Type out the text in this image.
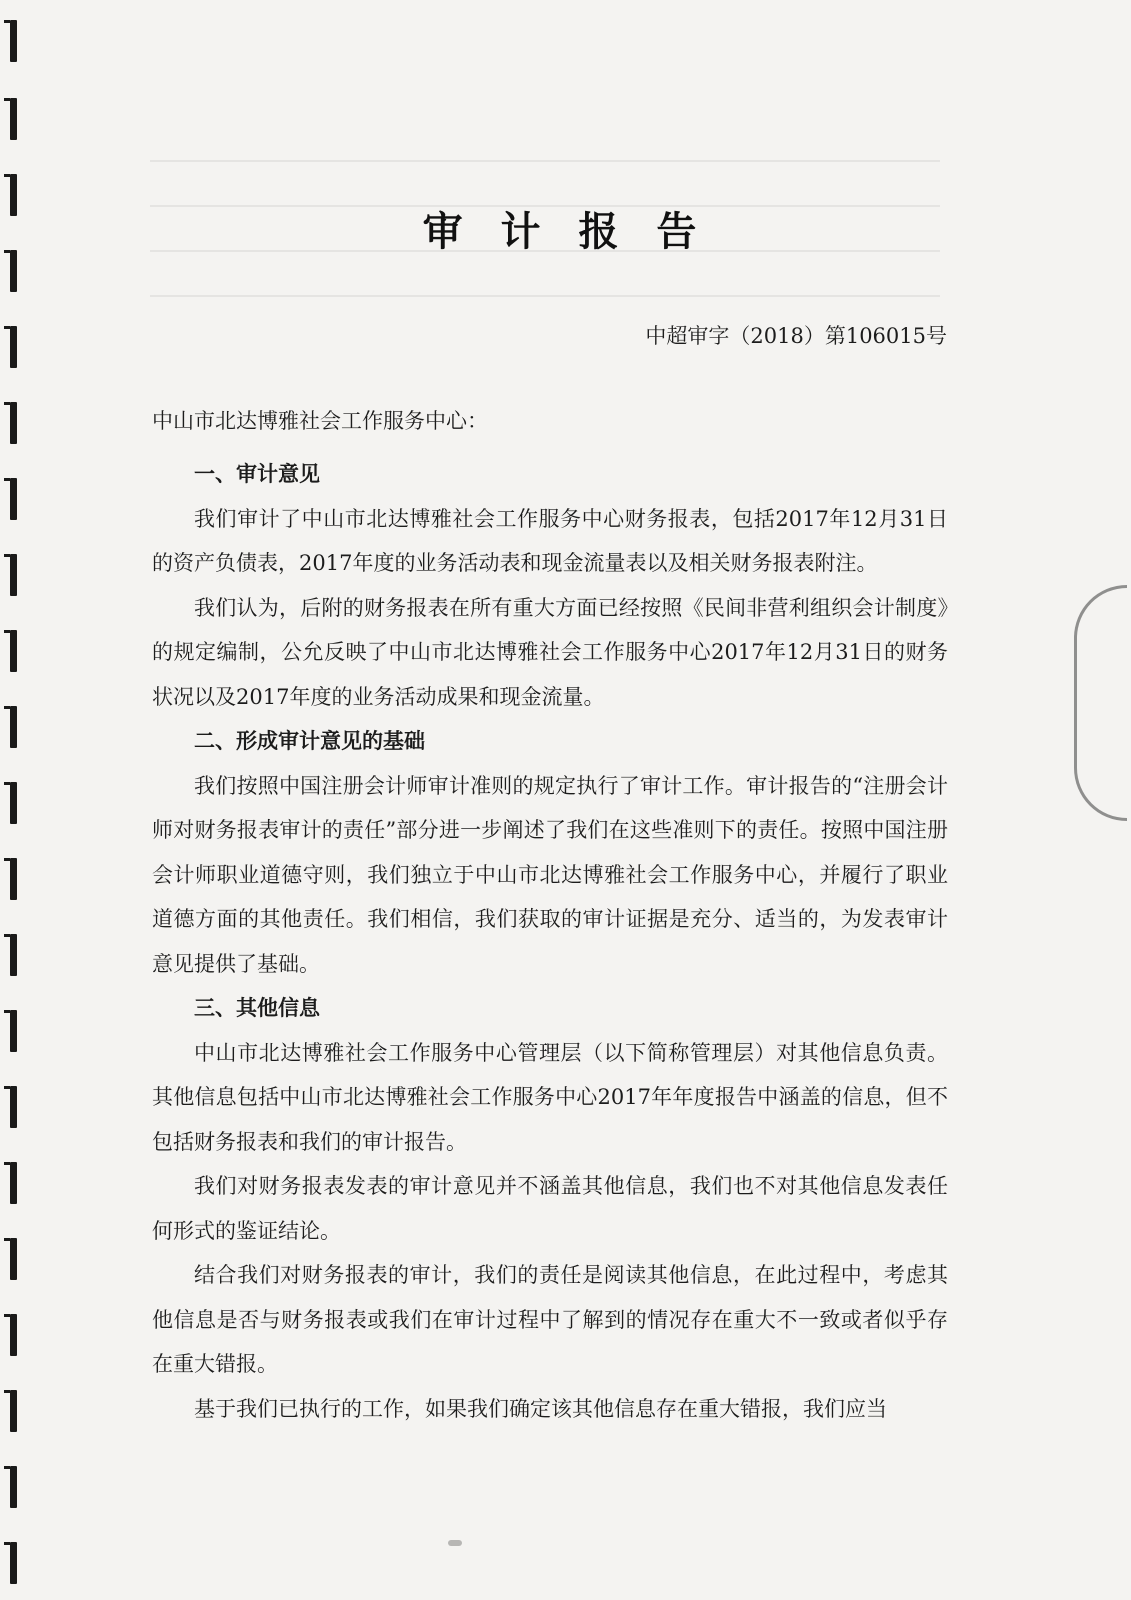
审 计 报 告
中超审字（2018）第106015号
中山市北达博雅社会工作服务中心：
一、审计意见

我们审计了中山市北达博雅社会工作服务中心财务报表，包括2017年12月31日的资产负债表，2017年度的业务活动表和现金流量表以及相关财务报表附注。

我们认为，后附的财务报表在所有重大方面已经按照《民间非营利组织会计制度》的规定编制，公允反映了中山市北达博雅社会工作服务中心2017年12月31日的财务状况以及2017年度的业务活动成果和现金流量。

二、形成审计意见的基础

我们按照中国注册会计师审计准则的规定执行了审计工作。审计报告的“注册会计师对财务报表审计的责任”部分进一步阐述了我们在这些准则下的责任。按照中国注册会计师职业道德守则，我们独立于中山市北达博雅社会工作服务中心，并履行了职业道德方面的其他责任。我们相信，我们获取的审计证据是充分、适当的，为发表审计意见提供了基础。

三、其他信息

中山市北达博雅社会工作服务中心管理层（以下简称管理层）对其他信息负责。其他信息包括中山市北达博雅社会工作服务中心2017年年度报告中涵盖的信息，但不包括财务报表和我们的审计报告。

我们对财务报表发表的审计意见并不涵盖其他信息，我们也不对其他信息发表任何形式的鉴证结论。

结合我们对财务报表的审计，我们的责任是阅读其他信息，在此过程中，考虑其他信息是否与财务报表或我们在审计过程中了解到的情况存在重大不一致或者似乎存在重大错报。

基于我们已执行的工作，如果我们确定该其他信息存在重大错报，我们应当
